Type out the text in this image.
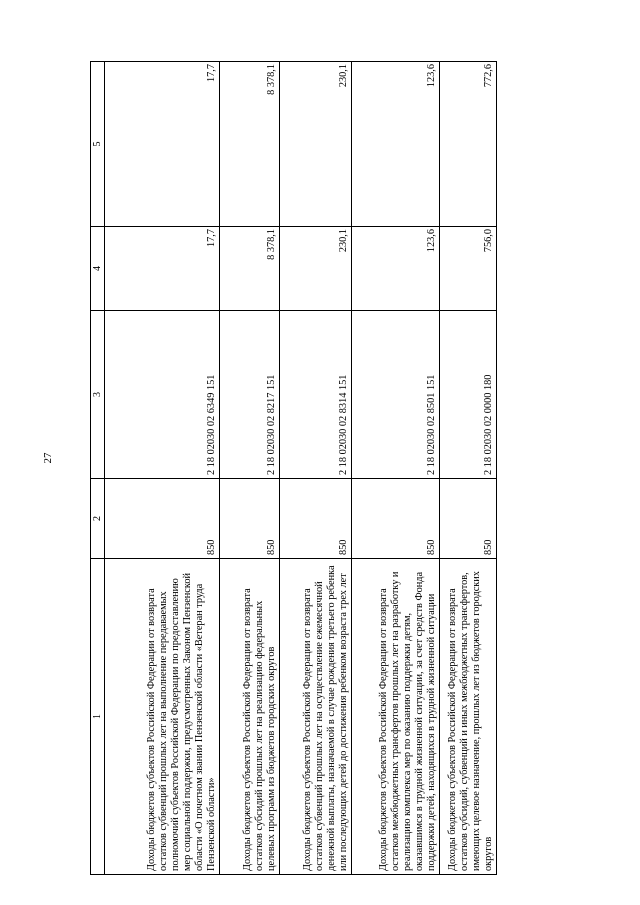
27
1	2	3	4	5
Доходы бюджетов субъектов Российской Федерации от возврата остатков субвенций прошлых лет на выполнение передаваемых полномочий субъектов Российской Федерации по предоставлению мер социальной поддержки, предусмотренных Законом Пензенской области «О почетном звании Пензенской области «Ветеран труда Пензенской области»	850	2 18 02030 02 6349 151	17,7	17,7
Доходы бюджетов субъектов Российской Федерации от возврата остатков субсидий прошлых лет на реализацию федеральных целевых программ из бюджетов городских округов	850	2 18 02030 02 8217 151	8 378,1	8 378,1
Доходы бюджетов субъектов Российской Федерации от возврата остатков субвенций прошлых лет на осуществление ежемесячной денежной выплаты, назначаемой в случае рождения третьего ребенка или последующих детей до достижения ребенком возраста трех лет	850	2 18 02030 02 8314 151	230,1	230,1
Доходы бюджетов субъектов Российской Федерации от возврата остатков межбюджетных трансфертов прошлых лет на разработку и реализацию комплекса мер по оказанию поддержки детям, оказавшимся в трудной жизненной ситуации, за счет средств Фонда поддержки детей, находящихся в трудной жизненной ситуации	850	2 18 02030 02 8501 151	123,6	123,6
Доходы бюджетов субъектов Российской Федерации от возврата остатков субсидий, субвенций и иных межбюджетных трансфертов, имеющих целевое назначение, прошлых лет из бюджетов городских округов	850	2 18 02030 02 0000 180	756,0	772,6
